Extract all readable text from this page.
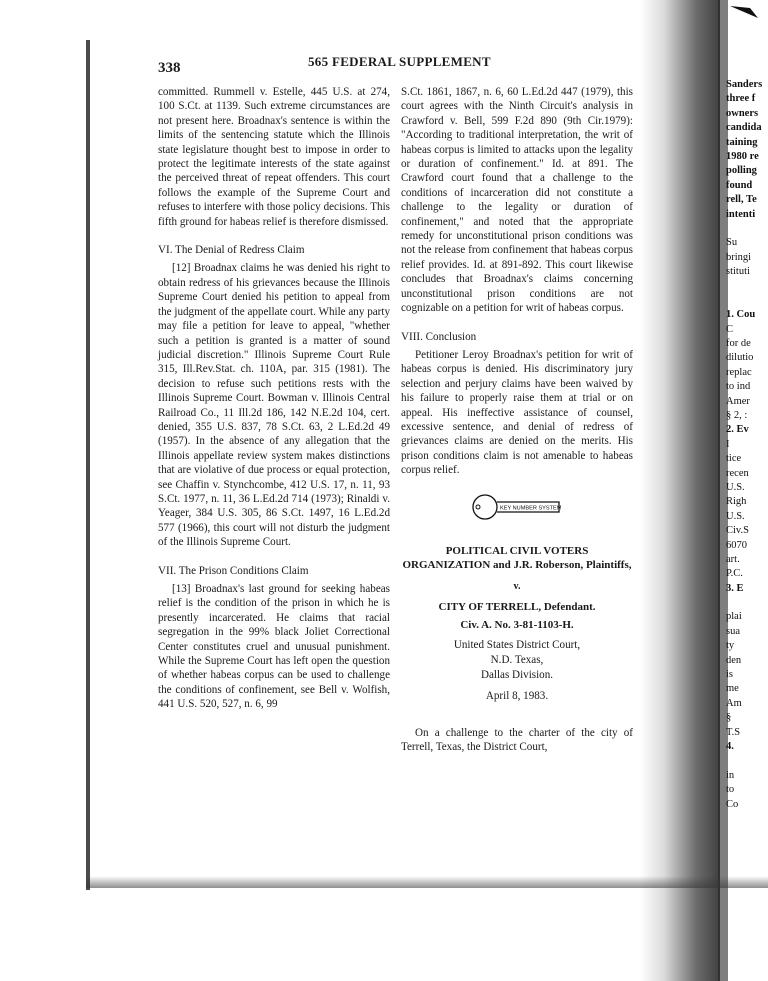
338	565 FEDERAL SUPPLEMENT

committed. Rummell v. Estelle, 445 U.S. at 274, 100 S.Ct. at 1139. Such extreme circumstances are not present here. Broadnax's sentence is within the limits of the sentencing statute which the Illinois state legislature thought best to impose in order to protect the legitimate interests of the state against the perceived threat of repeat offenders. This court follows the example of the Supreme Court and refuses to interfere with those policy decisions. This fifth ground for habeas relief is therefore dismissed.

VI. The Denial of Redress Claim

[12] Broadnax claims he was denied his right to obtain redress of his grievances because the Illinois Supreme Court denied his petition to appeal from the judgment of the appellate court. While any party may file a petition for leave to appeal, "whether such a petition is granted is a matter of sound judicial discretion." Illinois Supreme Court Rule 315, Ill.Rev.Stat. ch. 110A, par. 315 (1981). The decision to refuse such petitions rests with the Illinois Supreme Court. Bowman v. Illinois Central Railroad Co., 11 Ill.2d 186, 142 N.E.2d 104, cert. denied, 355 U.S. 837, 78 S.Ct. 63, 2 L.Ed.2d 49 (1957). In the absence of any allegation that the Illinois appellate review system makes distinctions that are violative of due process or equal protection, see Chaffin v. Stynchcombe, 412 U.S. 17, n. 11, 93 S.Ct. 1977, n. 11, 36 L.Ed.2d 714 (1973); Rinaldi v. Yeager, 384 U.S. 305, 86 S.Ct. 1497, 16 L.Ed.2d 577 (1966), this court will not disturb the judgment of the Illinois Supreme Court.

VII. The Prison Conditions Claim

[13] Broadnax's last ground for seeking habeas relief is the condition of the prison in which he is presently incarcerated. He claims that racial segregation in the 99% black Joliet Correctional Center constitutes cruel and unusual punishment. While the Supreme Court has left open the question of whether habeas corpus can be used to challenge the conditions of confinement, see Bell v. Wolfish, 441 U.S. 520, 527, n. 6, 99

S.Ct. 1861, 1867, n. 6, 60 L.Ed.2d 447 (1979), this court agrees with the Ninth Circuit's analysis in Crawford v. Bell, 599 F.2d 890 (9th Cir.1979): "According to traditional interpretation, the writ of habeas corpus is limited to attacks upon the legality or duration of confinement." Id. at 891. The Crawford court found that a challenge to the conditions of incarceration did not constitute a challenge to the legality or duration of confinement," and noted that the appropriate remedy for unconstitutional prison conditions was not the release from confinement that habeas corpus relief provides. Id. at 891-892. This court likewise concludes that Broadnax's claims concerning unconstitutional prison conditions are not cognizable on a petition for writ of habeas corpus.

VIII. Conclusion

Petitioner Leroy Broadnax's petition for writ of habeas corpus is denied. His discriminatory jury selection and perjury claims have been waived by his failure to properly raise them at trial or on appeal. His ineffective assistance of counsel, excessive sentence, and denial of redress of grievances claims are denied on the merits. His prison conditions claim is not amenable to habeas corpus relief.

KEY NUMBER SYSTEM
POLITICAL CIVIL VOTERS ORGANIZATION and J.R. Roberson, Plaintiffs,
v.
CITY OF TERRELL, Defendant.
Civ. A. No. 3-81-1103-H.
United States District Court,
N.D. Texas,
Dallas Division.
April 8, 1983.

On a challenge to the charter of the city of Terrell, Texas, the District Court,

Sanders
three f
owners
candida
taining
1980 re
polling
found
rell, Te
intenti
Su
bringi
stituti
1. Cou
C
for de
dilutio
replac
to ind
Amer
§ 2, :
2. Ev
I
tice
recen
U.S.
Righ
U.S.
Civ.S
6070
art.
P.C.
3. E
plai
sua
ty
den
is
me
Am
§
T.S
4.
in
to
Co
